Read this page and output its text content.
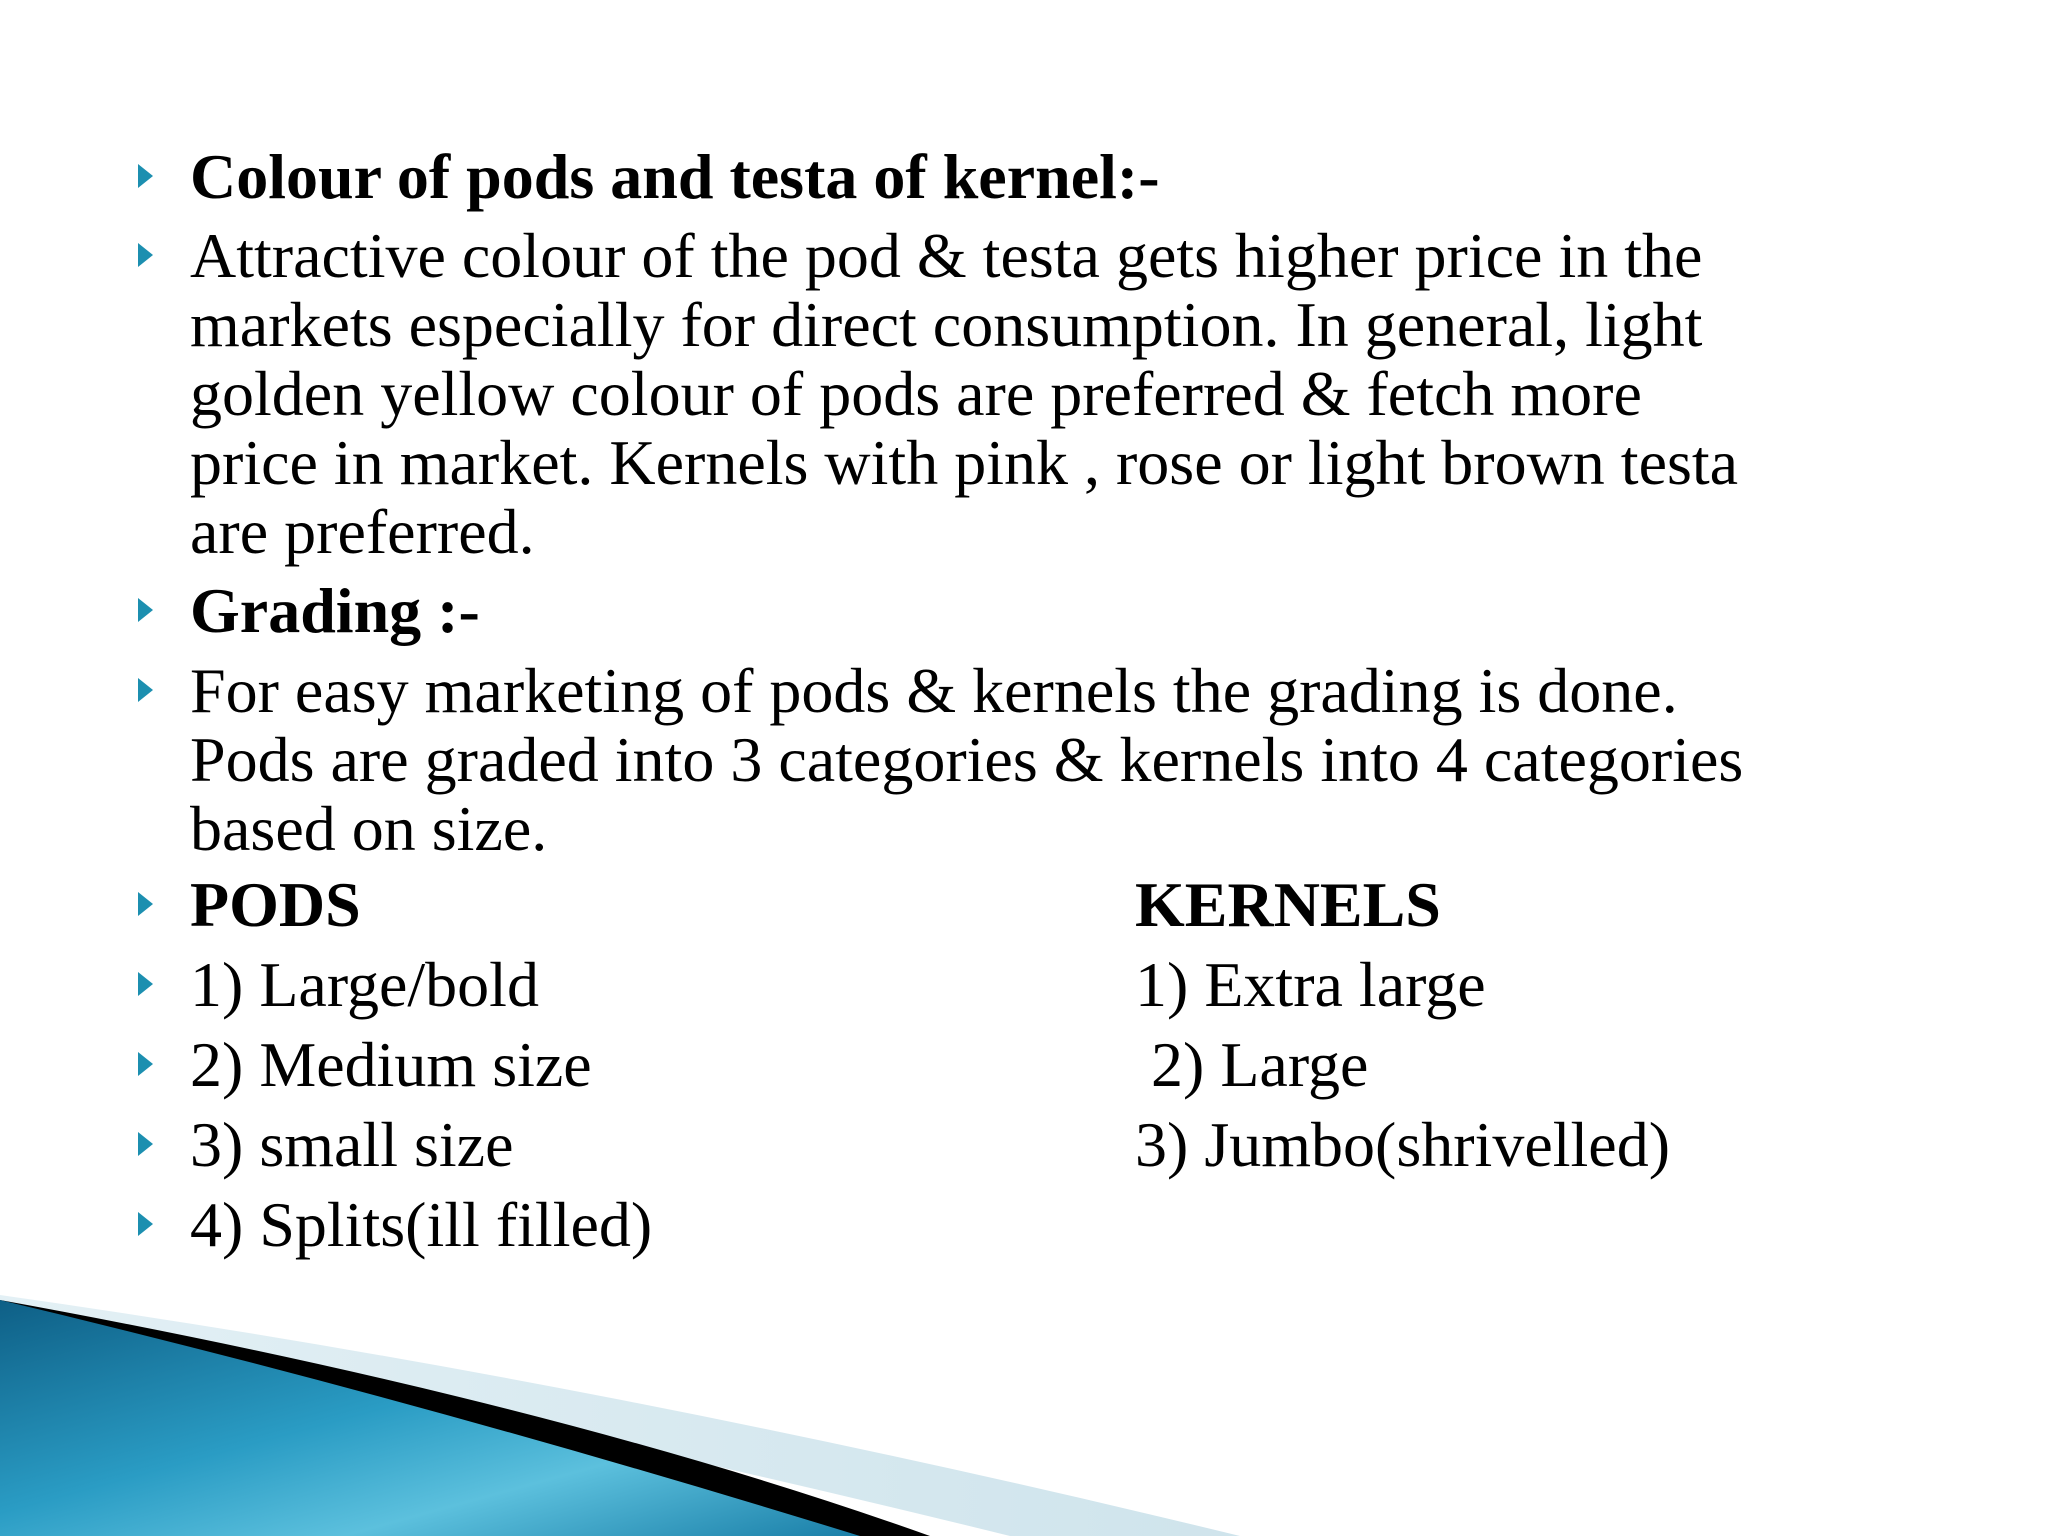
Colour of pods and testa of kernel:-
Attractive colour of the pod & testa gets higher price in the
markets especially for direct consumption. In general, light
golden yellow colour of pods are preferred & fetch more
price in market. Kernels with pink , rose or light brown testa
are preferred.
Grading :-
For easy marketing of pods & kernels the grading is done.
Pods are graded into 3 categories & kernels into 4 categories
based on size.
PODS	KERNELS
1) Large/bold	1) Extra large
2) Medium size	2) Large
3) small size	3) Jumbo(shrivelled)
4) Splits(ill filled)
